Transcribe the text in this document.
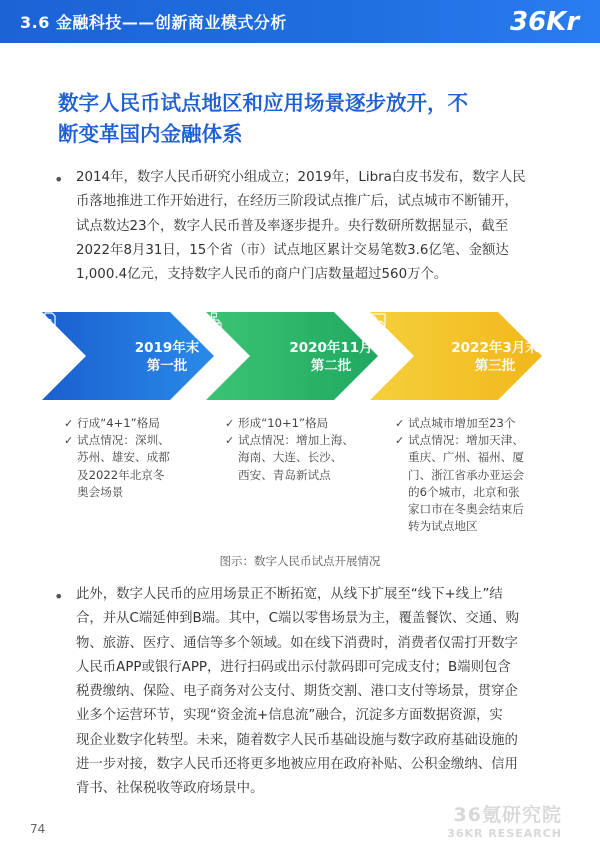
3.6 金融科技——创新商业模式分析	36Kr
数字人民币试点地区和应用场景逐步放开，不
断变革国内金融体系
• 2014年，数字人民币研究小组成立；2019年，Libra白皮书发布，数字人民
币落地推进工作开始进行，在经历三阶段试点推广后，试点城市不断铺开，
试点数达23个，数字人民币普及率逐步提升。央行数研所数据显示，截至
2022年8月31日，15个省（市）试点地区累计交易笔数3.6亿笔、金额达
1,000.4亿元，支持数字人民币的商户门店数量超过560万个。
P
2019年末
第一批
2020年11月
第二批
2022年3月末
第三批
✓ 行成“4+1”格局
✓ 试点情况：深圳、
苏州、雄安、成都
及2022年北京冬
奥会场景
✓ 形成“10+1”格局
✓ 试点情况：增加上海、
海南、大连、长沙、
西安、青岛新试点
✓ 试点城市增加至23个
✓ 试点情况：增加天津、
重庆、广州、福州、厦
门、浙江省承办亚运会
的6个城市，北京和张
家口市在冬奥会结束后
转为试点地区
图示：数字人民币试点开展情况
• 此外，数字人民币的应用场景正不断拓宽，从线下扩展至“线下+线上”结
合，并从C端延伸到B端。其中，C端以零售场景为主，覆盖餐饮、交通、购
物、旅游、医疗、通信等多个领域。如在线下消费时，消费者仅需打开数字
人民币APP或银行APP，进行扫码或出示付款码即可完成支付；B端则包含
税费缴纳、保险、电子商务对公支付、期货交割、港口支付等场景，贯穿企
业多个运营环节，实现“资金流+信息流”融合，沉淀多方面数据资源，实
现企业数字化转型。未来，随着数字人民币基础设施与数字政府基础设施的
进一步对接，数字人民币还将更多地被应用在政府补贴、公积金缴纳、信用
背书、社保税收等政府场景中。
74
36氪研究院
36KR RESEARCH
